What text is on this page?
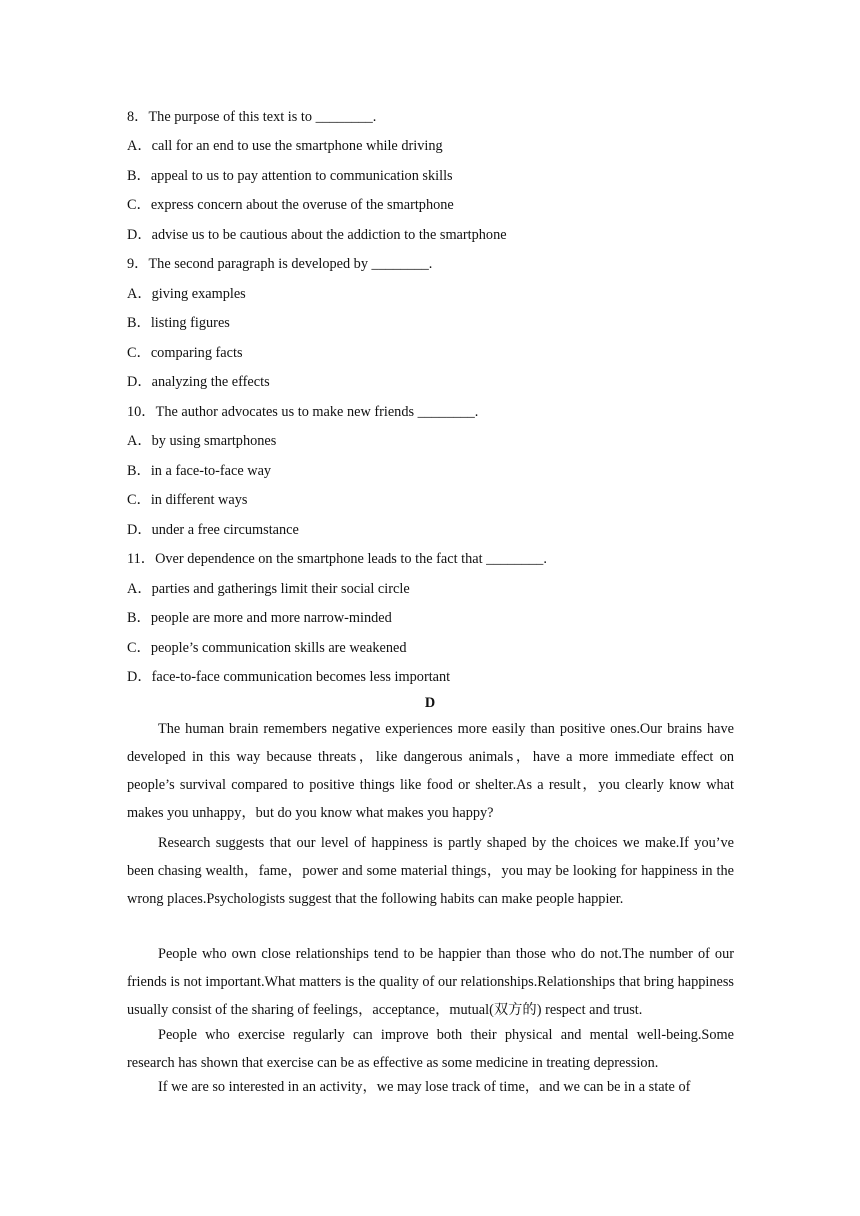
8．The purpose of this text is to ________.
A．call for an end to use the smartphone while driving
B．appeal to us to pay attention to communication skills
C．express concern about the overuse of the smartphone
D．advise us to be cautious about the addiction to the smartphone
9．The second paragraph is developed by ________.
A．giving examples
B．listing figures
C．comparing facts
D．analyzing the effects
10．The author advocates us to make new friends ________.
A．by using smartphones
B．in a face-to-face way
C．in different ways
D．under a free circumstance
11．Over dependence on the smartphone leads to the fact that ________.
A．parties and gatherings limit their social circle
B．people are more and more narrow-minded
C．people’s communication skills are weakened
D．face-to-face communication becomes less important
D

The human brain remembers negative experiences more easily than positive ones.Our brains have developed in this way because threats，like dangerous animals，have a more immediate effect on people’s survival compared to positive things like food or shelter.As a result，you clearly know what makes you unhappy，but do you know what makes you happy?

Research suggests that our level of happiness is partly shaped by the choices we make.If you’ve been chasing wealth，fame，power and some material things，you may be looking for happiness in the wrong places.Psychologists suggest that the following habits can make people happier.

People who own close relationships tend to be happier than those who do not.The number of our friends is not important.What matters is the quality of our relationships.Relationships that bring happiness usually consist of the sharing of feelings，acceptance，mutual(双方的) respect and trust.

People who exercise regularly can improve both their physical and mental well-being.Some research has shown that exercise can be as effective as some medicine in treating depression.

If we are so interested in an activity，we may lose track of time，and we can be in a state of
